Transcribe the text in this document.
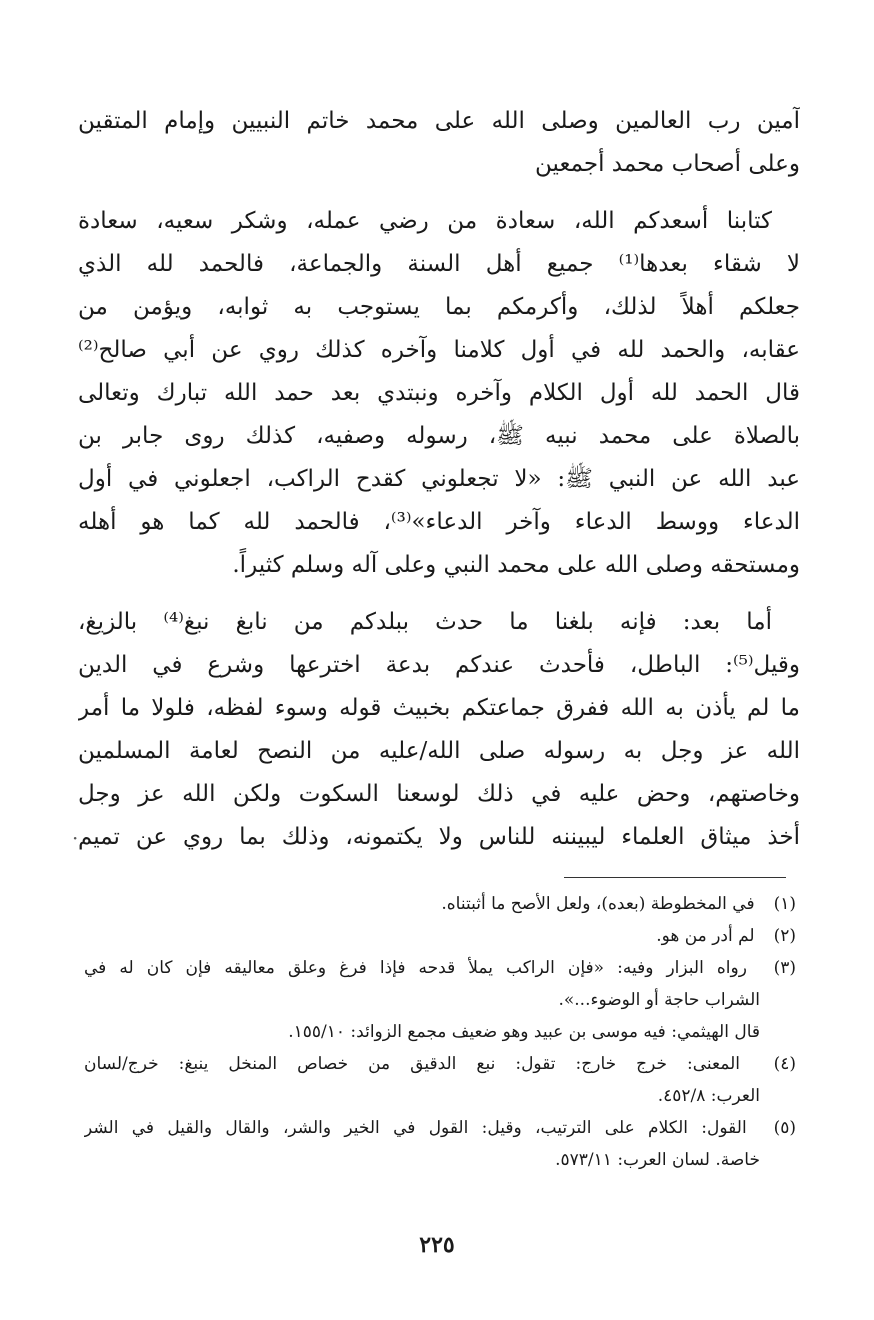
آمين رب العالمين وصلى الله على محمد خاتم النبيين وإمام المتقين
وعلى أصحاب محمد أجمعين
كتابنا أسعدكم الله، سعادة من رضي عمله، وشكر سعيه، سعادة
لا شقاء بعدها⁽¹⁾ جميع أهل السنة والجماعة، فالحمد لله الذي
جعلكم أهلاً لذلك، وأكرمكم بما يستوجب به ثوابه، ويؤمن من
عقابه، والحمد لله في أول كلامنا وآخره كذلك روي عن أبي صالح⁽²⁾
قال الحمد لله أول الكلام وآخره ونبتدي بعد حمد الله تبارك وتعالى
بالصلاة على محمد نبيه ﷺ، رسوله وصفيه، كذلك روى جابر بن
عبد الله عن النبي ﷺ: «لا تجعلوني كقدح الراكب، اجعلوني في أول
الدعاء ووسط الدعاء وآخر الدعاء»⁽³⁾، فالحمد لله كما هو أهله
ومستحقه وصلى الله على محمد النبي وعلى آله وسلم كثيراً.
أما بعد: فإنه بلغنا ما حدث ببلدكم من نابغ نبغ⁽⁴⁾ بالزيغ،
وقيل⁽⁵⁾: الباطل، فأحدث عندكم بدعة اخترعها وشرع في الدين
ما لم يأذن به الله ففرق جماعتكم بخبيث قوله وسوء لفظه، فلولا ما أمر
الله عز وجل به رسوله صلى الله/عليه من النصح لعامة المسلمين
وخاصتهم، وحض عليه في ذلك لوسعنا السكوت ولكن الله عز وجل
أخذ ميثاق العلماء ليبيننه للناس ولا يكتمونه، وذلك بما روي عن تميم
(١) في المخطوطة (بعده)، ولعل الأصح ما أثبتناه.
(٢) لم أدر من هو.
(٣) رواه البزار وفيه: «فإن الراكب يملأ قدحه فإذا فرغ وعلق معاليقه فإن كان له في
الشراب حاجة أو الوضوء...».
قال الهيثمي: فيه موسى بن عبيد وهو ضعيف مجمع الزوائد: ١٥٥/١٠.
(٤) المعنى: خرج خارج: تقول: نبع الدقيق من خصاص المنخل ينبغ: خرج/لسان
العرب: ٤٥٢/٨.
(٥) القول: الكلام على الترتيب، وقيل: القول في الخير والشر، والقال والقيل في الشر
خاصة. لسان العرب: ٥٧٣/١١.
٢٢٥
·
